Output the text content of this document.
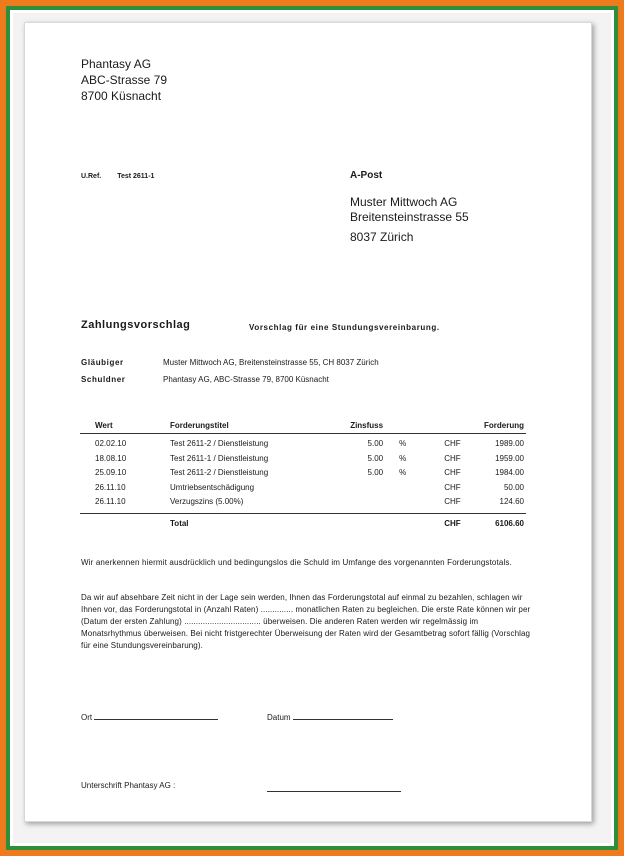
Phantasy AG
ABC-Strasse 79
8700 Küsnacht
U.Ref. Test 2611-1	A-Post
Muster Mittwoch AG
Breitensteinstrasse 55
8037 Zürich
Zahlungsvorschlag	Vorschlag für eine Stundungsvereinbarung.
Gläubiger	Muster Mittwoch AG, Breitensteinstrasse 55, CH 8037 Zürich
Schuldner	Phantasy AG, ABC-Strasse 79, 8700 Küsnacht
Wert	Forderungstitel	Zinsfuss			Forderung
02.02.10	Test 2611-2 / Dienstleistung	5.00	%	CHF	1989.00
18.08.10	Test 2611-1 / Dienstleistung	5.00	%	CHF	1959.00
25.09.10	Test 2611-2 / Dienstleistung	5.00	%	CHF	1984.00
26.11.10	Umtriebsentschädigung			CHF	50.00
26.11.10	Verzugszins (5.00%)			CHF	124.60

	Total			CHF	6106.60
Wir anerkennen hiermit ausdrücklich und bedingungslos die Schuld im Umfange des vorgenannten Forderungstotals.
Da wir auf absehbare Zeit nicht in der Lage sein werden, Ihnen das Forderungstotal auf einmal zu bezahlen, schlagen wir Ihnen vor, das Forderungstotal in (Anzahl Raten) .............. monatlichen Raten zu begleichen. Die erste Rate können wir per (Datum der ersten Zahlung) ................................. überweisen. Die anderen Raten werden wir regelmässig im Monatsrhythmus überweisen. Bei nicht fristgerechter Überweisung der Raten wird der Gesamtbetrag sofort fällig (Vorschlag für eine Stundungsvereinbarung).
Ort	Datum
Unterschrift Phantasy AG :
